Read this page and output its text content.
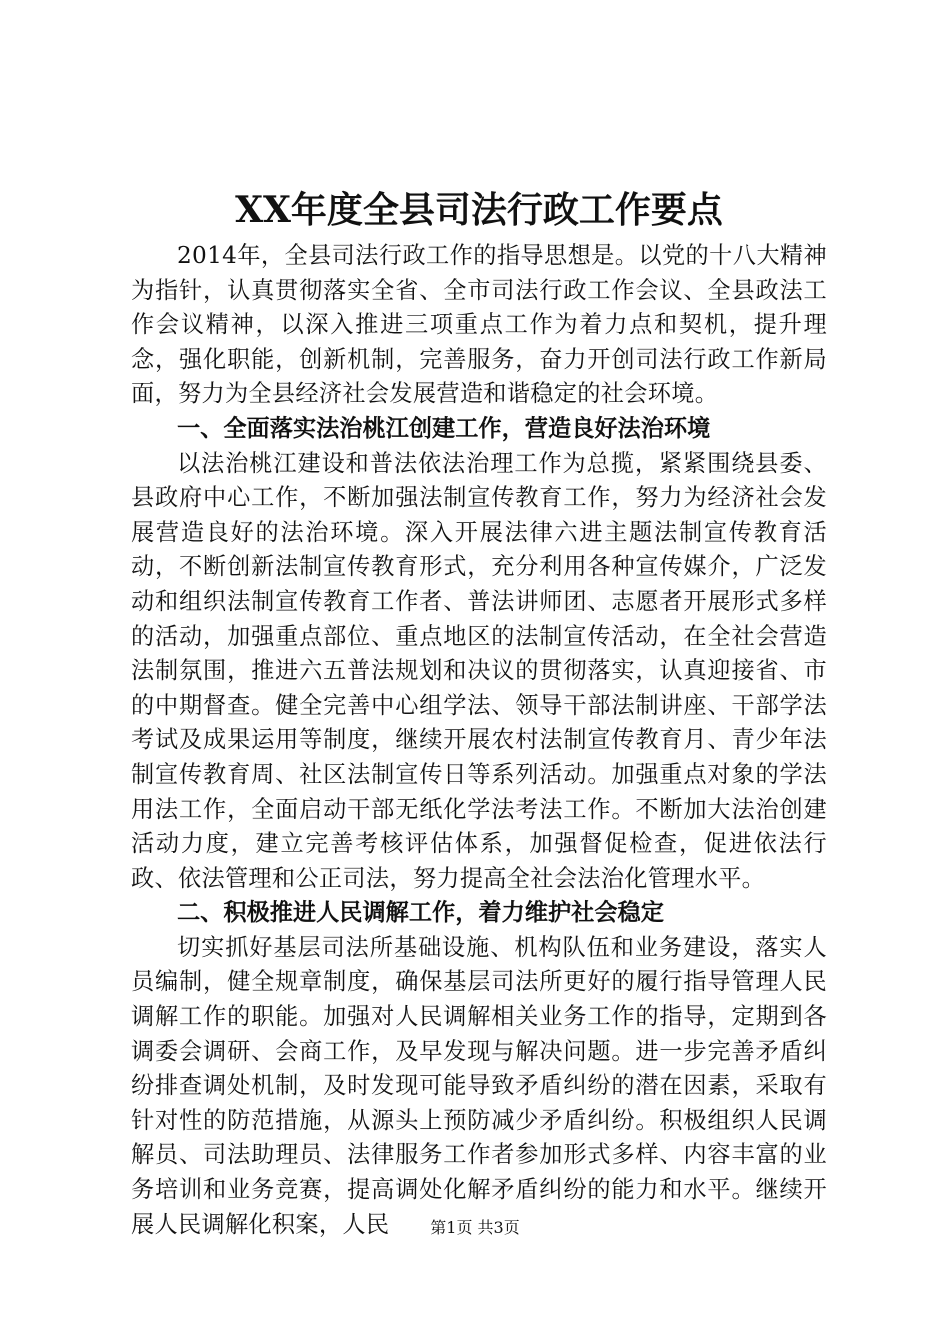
XX年度全县司法行政工作要点

2014年，全县司法行政工作的指导思想是。以党的十八大精神为指针，认真贯彻落实全省、全市司法行政工作会议、全县政法工作会议精神，以深入推进三项重点工作为着力点和契机，提升理念，强化职能，创新机制，完善服务，奋力开创司法行政工作新局面，努力为全县经济社会发展营造和谐稳定的社会环境。

一、全面落实法治桃江创建工作，营造良好法治环境

以法治桃江建设和普法依法治理工作为总揽，紧紧围绕县委、县政府中心工作，不断加强法制宣传教育工作，努力为经济社会发展营造良好的法治环境。深入开展法律六进主题法制宣传教育活动，不断创新法制宣传教育形式，充分利用各种宣传媒介，广泛发动和组织法制宣传教育工作者、普法讲师团、志愿者开展形式多样的活动，加强重点部位、重点地区的法制宣传活动，在全社会营造法制氛围，推进六五普法规划和决议的贯彻落实，认真迎接省、市的中期督查。健全完善中心组学法、领导干部法制讲座、干部学法考试及成果运用等制度，继续开展农村法制宣传教育月、青少年法制宣传教育周、社区法制宣传日等系列活动。加强重点对象的学法用法工作，全面启动干部无纸化学法考法工作。不断加大法治创建活动力度，建立完善考核评估体系，加强督促检查，促进依法行政、依法管理和公正司法，努力提高全社会法治化管理水平。

二、积极推进人民调解工作，着力维护社会稳定

切实抓好基层司法所基础设施、机构队伍和业务建设，落实人员编制，健全规章制度，确保基层司法所更好的履行指导管理人民调解工作的职能。加强对人民调解相关业务工作的指导，定期到各调委会调研、会商工作，及早发现与解决问题。进一步完善矛盾纠纷排查调处机制，及时发现可能导致矛盾纠纷的潜在因素，采取有针对性的防范措施，从源头上预防减少矛盾纠纷。积极组织人民调解员、司法助理员、法律服务工作者参加形式多样、内容丰富的业务培训和业务竞赛，提高调处化解矛盾纠纷的能力和水平。继续开展人民调解化积案，人民	第1页 共3页
